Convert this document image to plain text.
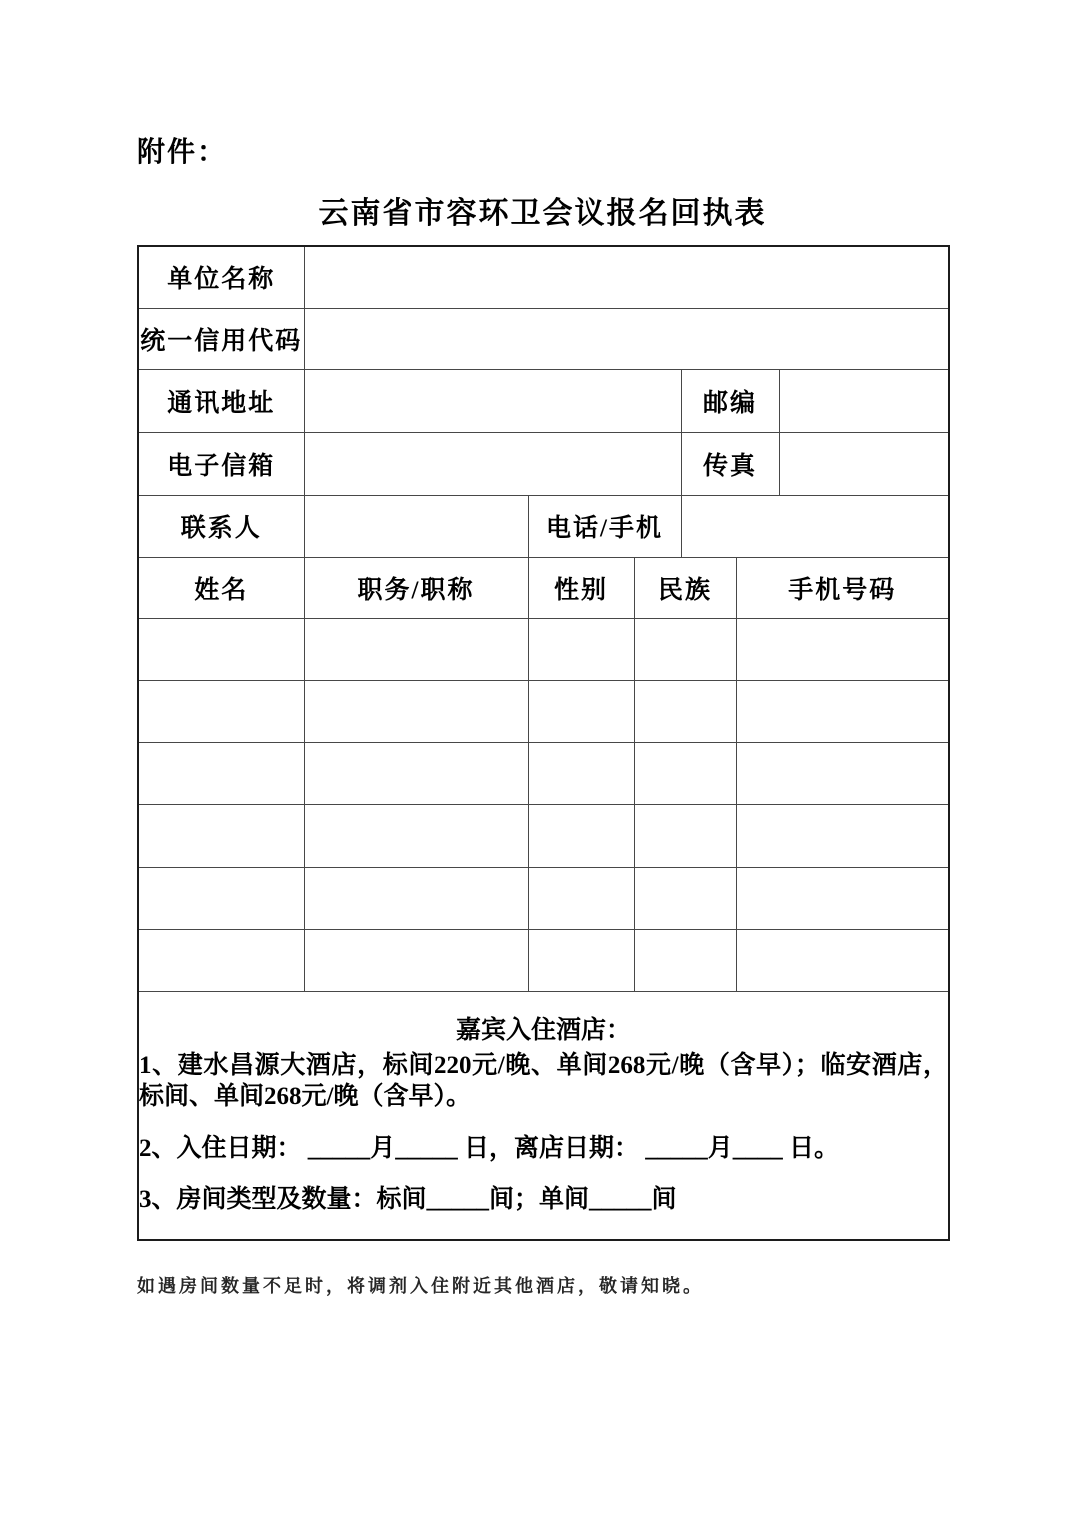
附件：
云南省市容环卫会议报名回执表
单位名称						
统一信用代码						
通讯地址				邮编		
电子信箱				传真		
联系人		电话/手机				
姓名	职务/职称	性别	民族		手机号码	

嘉宾入住酒店：

1、建水昌源大酒店，标间220元/晚、单间268元/晚（含早）；临安酒店，标间、单间268元/晚（含早）。

2、入住日期： _____月_____ 日，离店日期： _____月____ 日。

3、房间类型及数量：标间_____间；单间_____间						

如遇房间数量不足时，将调剂入住附近其他酒店，敬请知晓。
